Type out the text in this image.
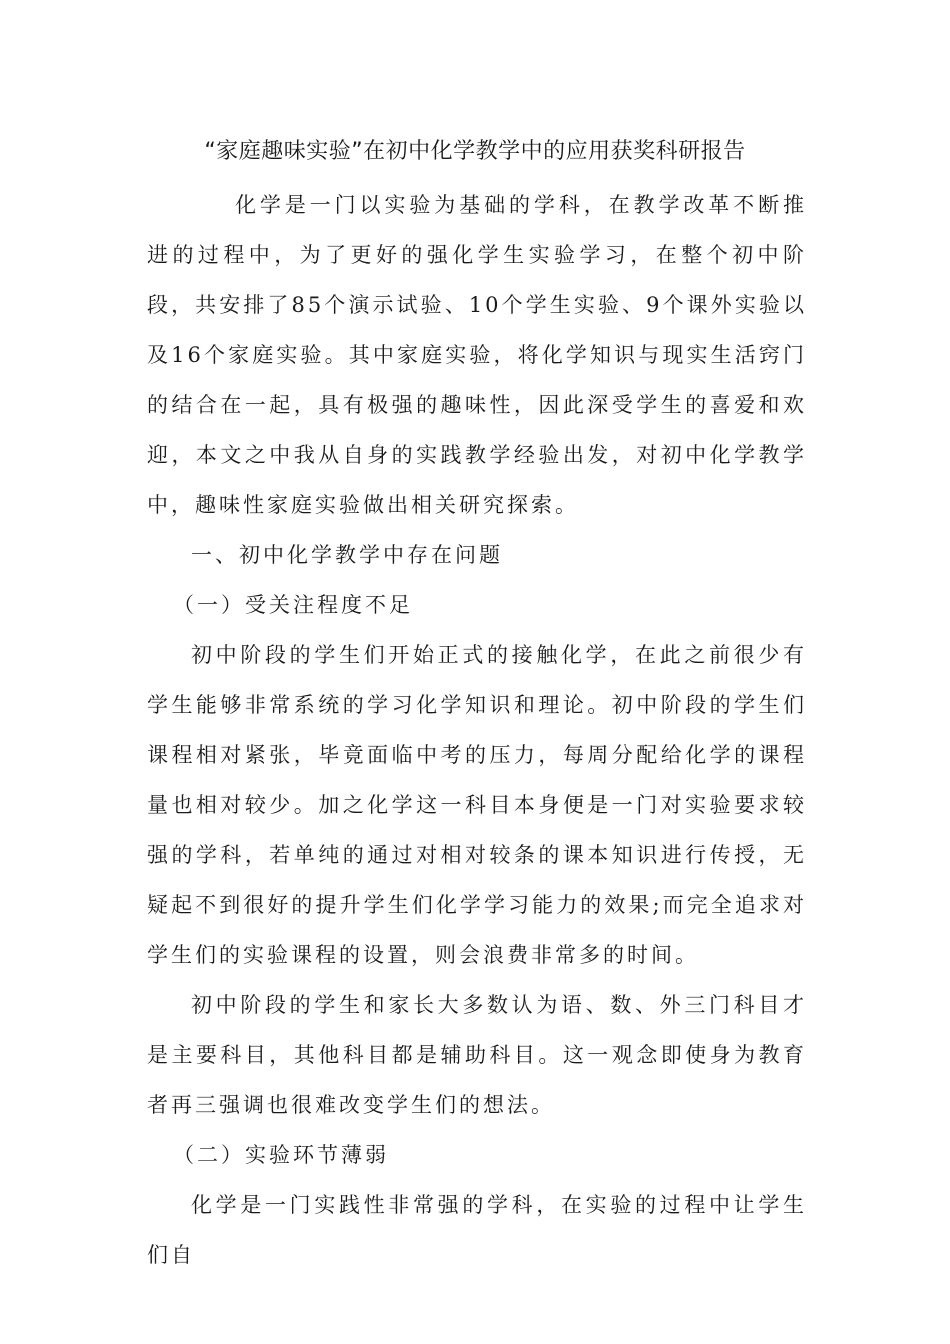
“家庭趣味实验”在初中化学教学中的应用获奖科研报告

化学是一门以实验为基础的学科，在教学改革不断推进的过程中，为了更好的强化学生实验学习，在整个初中阶段，共安排了85个演示试验、10个学生实验、9个课外实验以及16个家庭实验。其中家庭实验，将化学知识与现实生活窍门的结合在一起，具有极强的趣味性，因此深受学生的喜爱和欢迎，本文之中我从自身的实践教学经验出发，对初中化学教学中，趣味性家庭实验做出相关研究探索。

一、初中化学教学中存在问题

（一）受关注程度不足

初中阶段的学生们开始正式的接触化学，在此之前很少有学生能够非常系统的学习化学知识和理论。初中阶段的学生们课程相对紧张，毕竟面临中考的压力，每周分配给化学的课程量也相对较少。加之化学这一科目本身便是一门对实验要求较强的学科，若单纯的通过对相对较条的课本知识进行传授，无疑起不到很好的提升学生们化学学习能力的效果;而完全追求对学生们的实验课程的设置，则会浪费非常多的时间。

初中阶段的学生和家长大多数认为语、数、外三门科目才是主要科目，其他科目都是辅助科目。这一观念即使身为教育者再三强调也很难改变学生们的想法。

（二）实验环节薄弱

化学是一门实践性非常强的学科，在实验的过程中让学生们自
